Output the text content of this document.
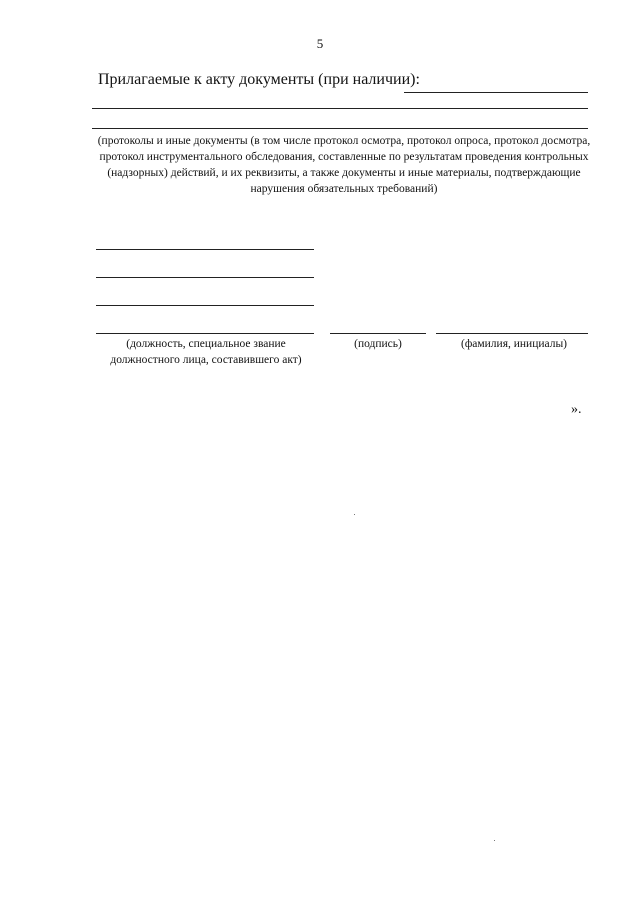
5
Прилагаемые к акту документы (при наличии):
(протоколы и иные документы (в том числе протокол осмотра, протокол опроса, протокол досмотра, протокол инструментального обследования, составленные по результатам проведения контрольных (надзорных) действий, и их реквизиты, а также документы и иные материалы, подтверждающие нарушения обязательных требований)
(должность, специальное звание должностного лица, составившего акт)
(подпись)	(фамилия, инициалы)
».
